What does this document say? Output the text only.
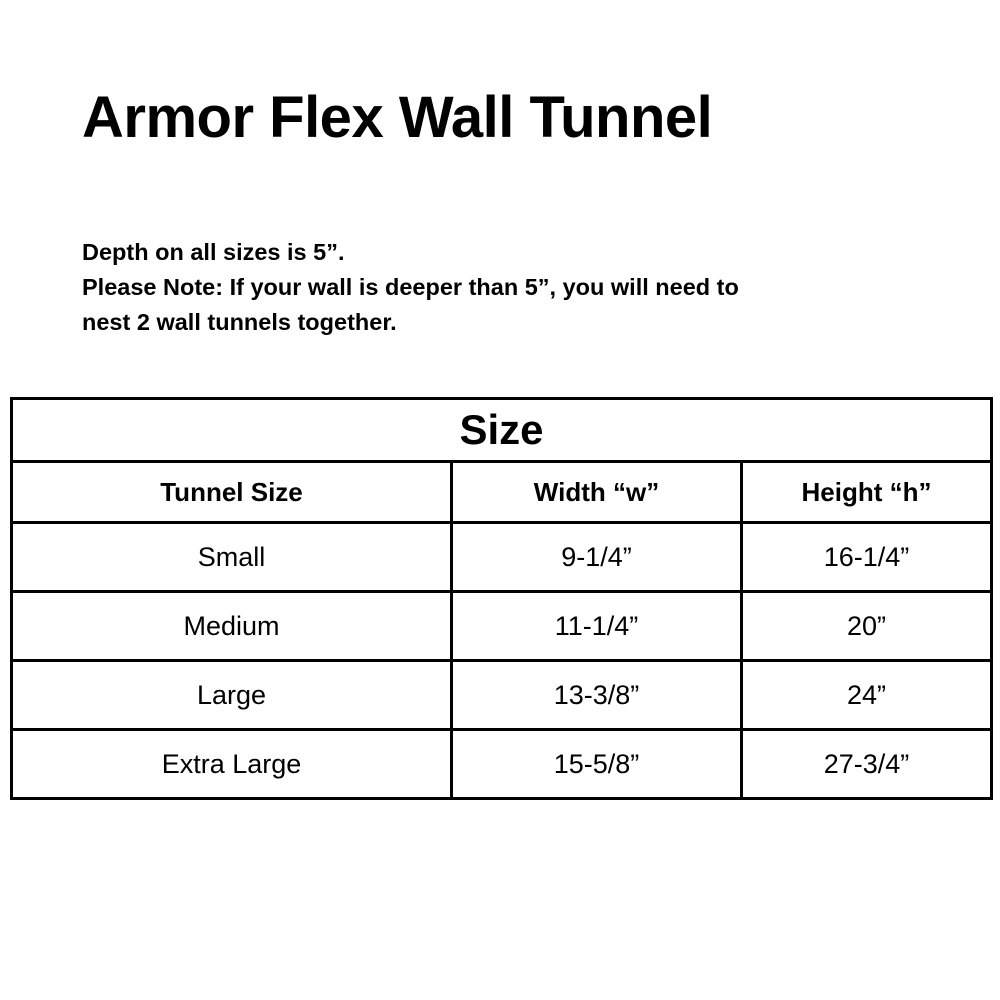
Armor Flex Wall Tunnel
Depth on all sizes is 5”.
Please Note: If your wall is deeper than 5”, you will need to
nest 2 wall tunnels together.
Size		
Tunnel Size	Width “w”	Height “h”
Small	9-1/4”	16-1/4”
Medium	11-1/4”	20”
Large	13-3/8”	24”
Extra Large	15-5/8”	27-3/4”
